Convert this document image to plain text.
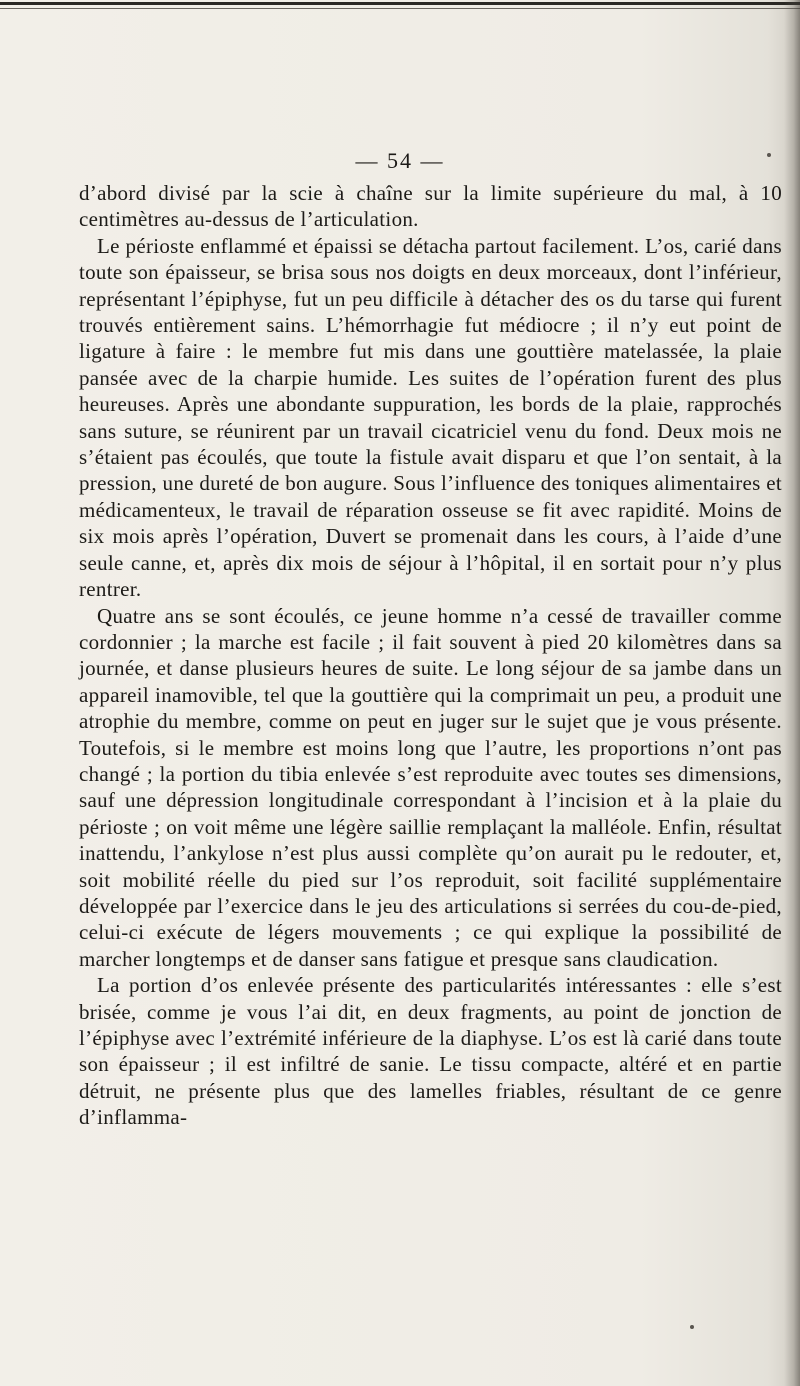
— 54 —

d’abord divisé par la scie à chaîne sur la limite supérieure du mal, à 10 centimètres au-dessus de l’articulation.

Le périoste enflammé et épaissi se détacha partout facilement. L’os, carié dans toute son épaisseur, se brisa sous nos doigts en deux morceaux, dont l’inférieur, représentant l’épiphyse, fut un peu difficile à détacher des os du tarse qui furent trouvés entièrement sains. L’hémorrhagie fut médiocre ; il n’y eut point de ligature à faire : le membre fut mis dans une gouttière matelassée, la plaie pansée avec de la charpie humide. Les suites de l’opération furent des plus heureuses. Après une abondante suppuration, les bords de la plaie, rapprochés sans suture, se réunirent par un travail cicatriciel venu du fond. Deux mois ne s’étaient pas écoulés, que toute la fistule avait disparu et que l’on sentait, à la pression, une dureté de bon augure. Sous l’influence des toniques alimentaires et médicamenteux, le travail de réparation osseuse se fit avec rapidité. Moins de six mois après l’opération, Duvert se promenait dans les cours, à l’aide d’une seule canne, et, après dix mois de séjour à l’hôpital, il en sortait pour n’y plus rentrer.

Quatre ans se sont écoulés, ce jeune homme n’a cessé de travailler comme cordonnier ; la marche est facile ; il fait souvent à pied 20 kilomètres dans sa journée, et danse plusieurs heures de suite. Le long séjour de sa jambe dans un appareil inamovible, tel que la gouttière qui la comprimait un peu, a produit une atrophie du membre, comme on peut en juger sur le sujet que je vous présente. Toutefois, si le membre est moins long que l’autre, les proportions n’ont pas changé ; la portion du tibia enlevée s’est reproduite avec toutes ses dimensions, sauf une dépression longitudinale correspondant à l’incision et à la plaie du périoste ; on voit même une légère saillie remplaçant la malléole. Enfin, résultat inattendu, l’ankylose n’est plus aussi complète qu’on aurait pu le redouter, et, soit mobilité réelle du pied sur l’os reproduit, soit facilité supplémentaire développée par l’exercice dans le jeu des articulations si serrées du cou-de-pied, celui-ci exécute de légers mouvements ; ce qui explique la possibilité de marcher longtemps et de danser sans fatigue et presque sans claudication.

La portion d’os enlevée présente des particularités intéressantes : elle s’est brisée, comme je vous l’ai dit, en deux fragments, au point de jonction de l’épiphyse avec l’extrémité inférieure de la diaphyse. L’os est là carié dans toute son épaisseur ; il est infiltré de sanie. Le tissu compacte, altéré et en partie détruit, ne présente plus que des lamelles friables, résultant de ce genre d’inflamma-
